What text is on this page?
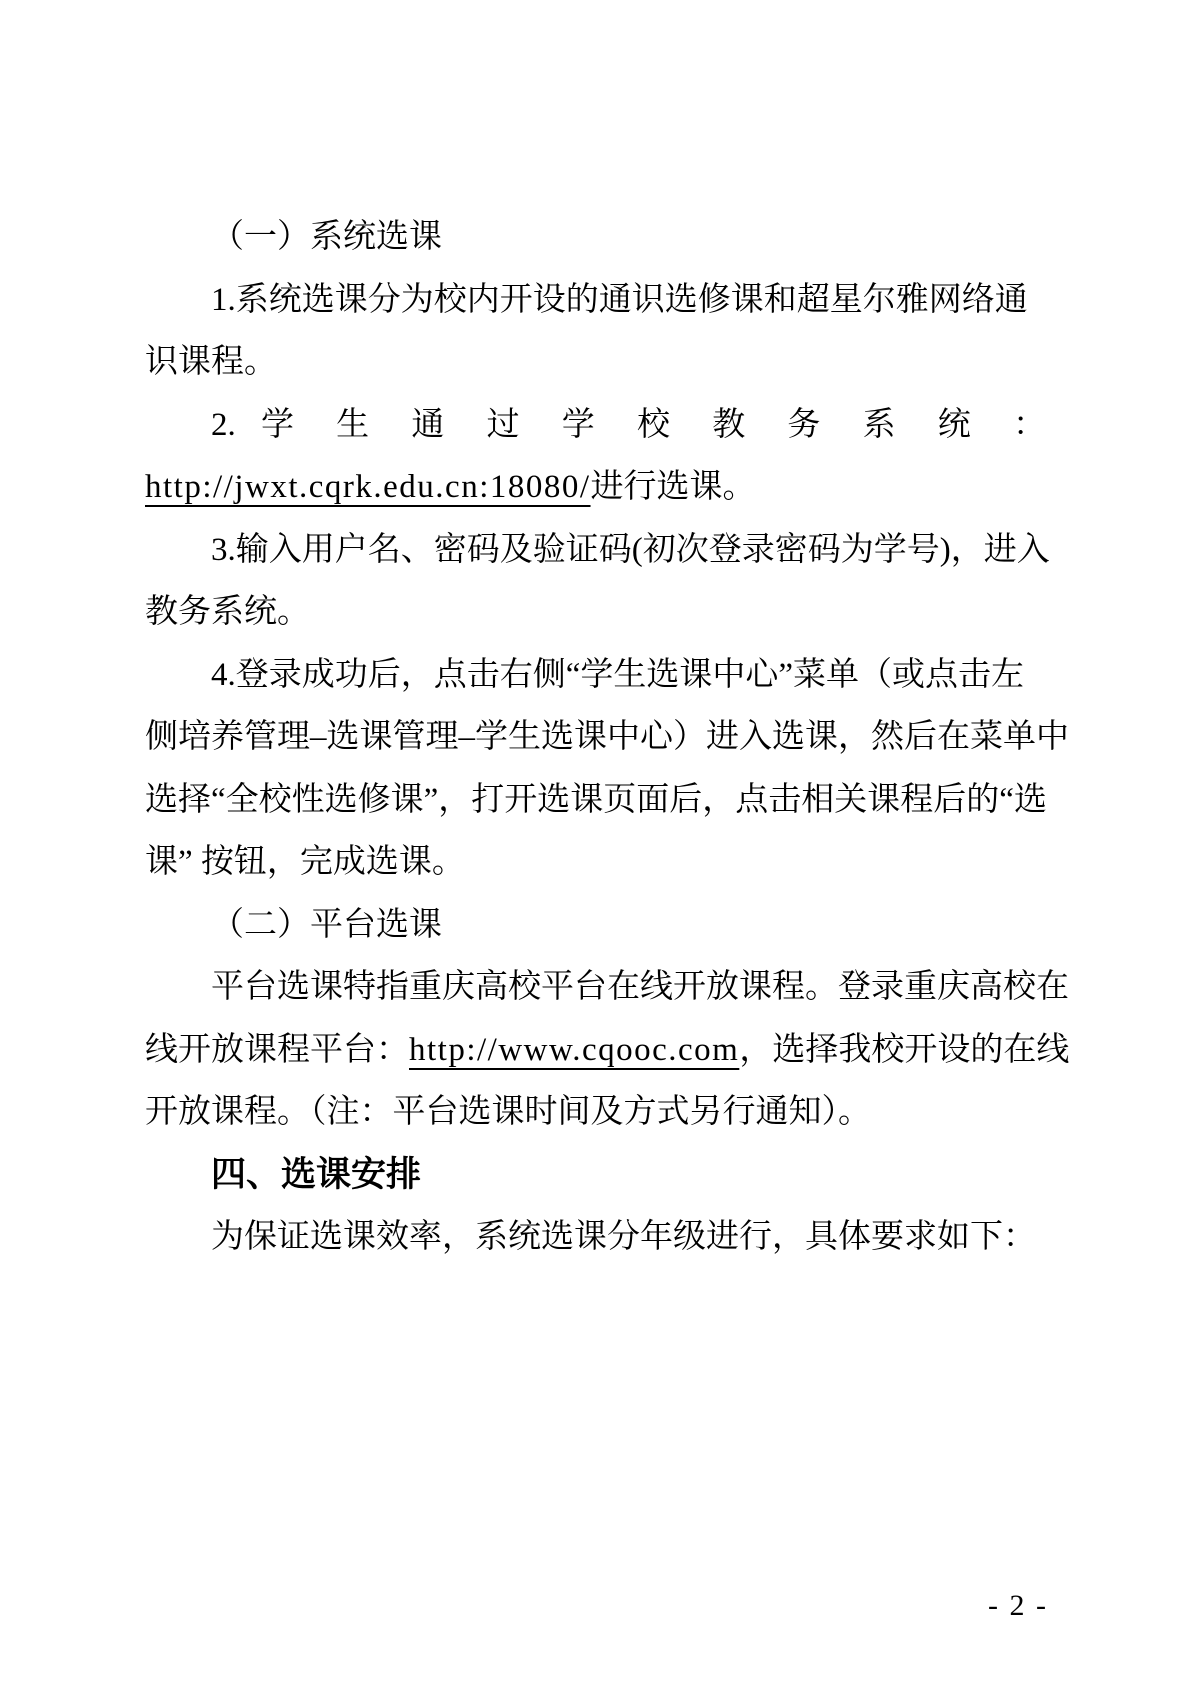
（一）系统选课
1.系统选课分为校内开设的通识选修课和超星尔雅网络通
识课程。
2. 学 生 通 过 学 校 教 务 系 统 ：
http://jwxt.cqrk.edu.cn:18080/进行选课。
3.输入用户名、密码及验证码(初次登录密码为学号)，进入
教务系统。
4.登录成功后，点击右侧“学生选课中心”菜单（或点击左
侧培养管理–选课管理–学生选课中心）进入选课，然后在菜单中
选择“全校性选修课”，打开选课页面后，点击相关课程后的“选
课” 按钮，完成选课。
（二）平台选课
平台选课特指重庆高校平台在线开放课程。登录重庆高校在
线开放课程平台：http://www.cqooc.com，选择我校开设的在线
开放课程。（注：平台选课时间及方式另行通知）。
四、选课安排
为保证选课效率，系统选课分年级进行，具体要求如下：
- 2 -
